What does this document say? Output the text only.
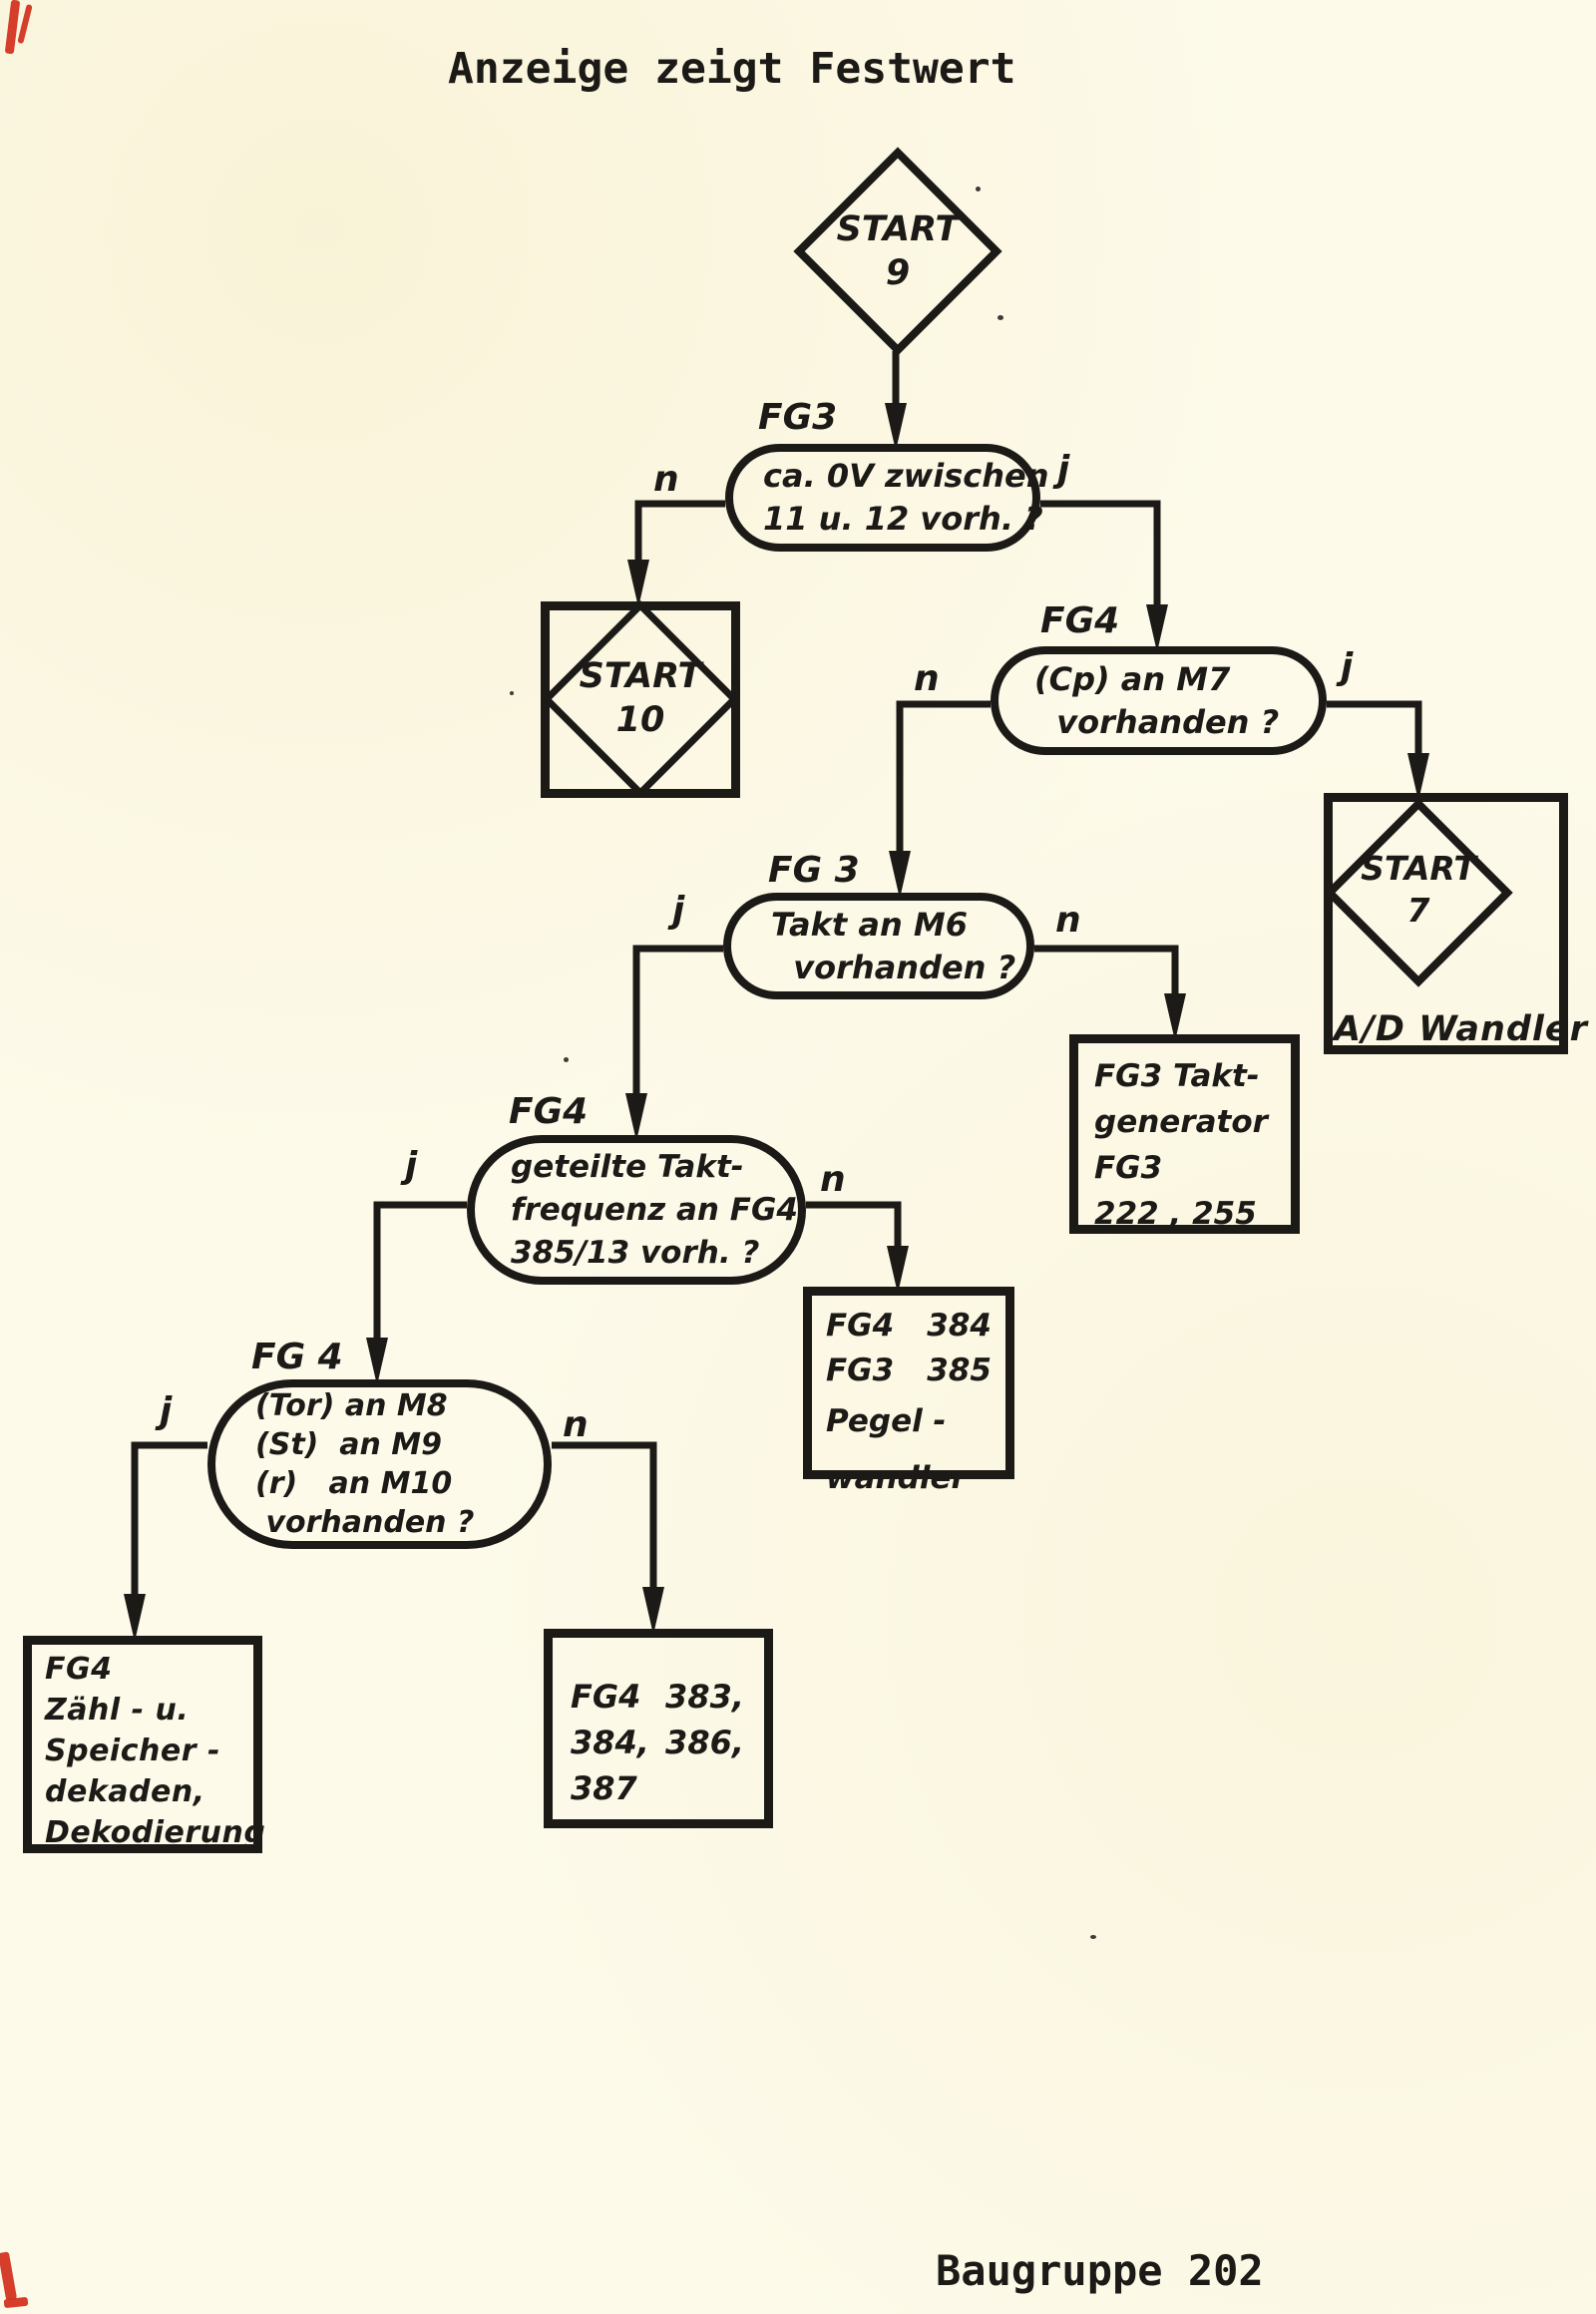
Anzeige zeigt Festwert
Baugruppe 202
START
9
FG3
ca. 0V zwischen
11 u. 12 vorh. ?
n	j
START
10
FG4
(Cp) an M7
vorhanden ?
n	j
START
7
A/D Wandler
FG 3
Takt an M6
vorhanden ?
j	n
FG3 Takt-
generator
FG3
222 , 255
FG4
geteilte Takt-
frequenz an FG4
385/13 vorh. ?
j	n
FG4 384
FG3 385
Pegel -
wandler
FG 4
(Tor) an M8
(St)  an M9
(r)   an M10
vorhanden ?
j	n
FG4
Zähl - u.
Speicher -
dekaden,
Dekodierung
FG4 383,
384, 386,
387
